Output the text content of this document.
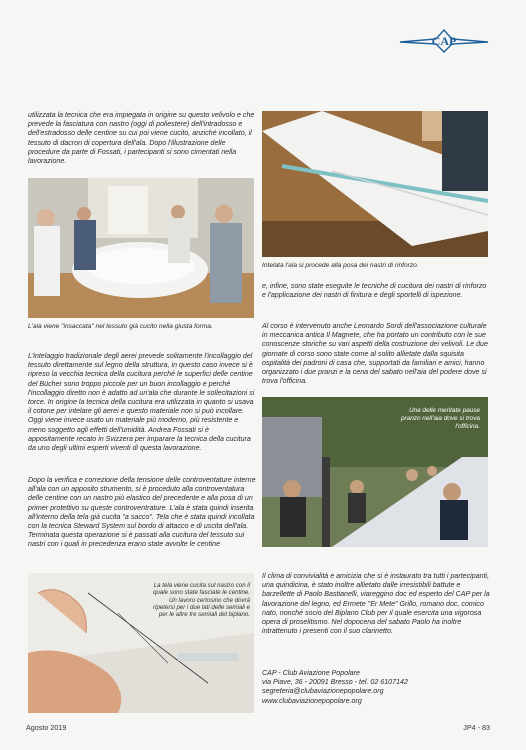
CAP

utilizzata la tecnica che era impiegata in origine su questo velivolo e che prevede la fasciatura con nastro (oggi di poliestere) dell'intradosso e dell'estradosso delle centine su cui poi viene cucito, anziché incollato, il tessuto di dacron di copertura dell'ala. Dopo l'illustrazione delle procedure da parte di Fossati, i partecipanti si sono cimentati nella lavorazione.

L'ala viene "insaccata" nel tessuto già cucito nella giusta forma.

L'intelaggio tradizionale degli aerei prevede solitamente l'incollaggio del tessuto direttamente sul legno della struttura, in questo caso invece si è ripreso la vecchia tecnica della cucitura perché le superfici delle centine del Bücher sono troppo piccole per un buon incollaggio e perché l'incollaggio diretto non è adatto ad un'ala che durante le sollecitazioni si torce. In origine la tecnica della cucitura era utilizzata in quanto si usava il cotone per intelare gli aerei e questo materiale non si può incollare. Oggi viene invece usato un materiale più moderno, più resistente e meno soggetto agli effetti dell'umidità. Andrea Fossati si è appositamente recato in Svizzera per imparare la tecnica della cucitura da uno degli ultimi esperti viventi di questa lavorazione.

Dopo la verifica e correzione della tensione delle controventature interne all'ala con un apposito strumento, si è proceduto alla controventatura delle centine con un nastro più elastico del precedente e alla posa di un primer protettivo su queste controventrature. L'ala è stata quindi inserita all'interno della tela già cucita "a sacco". Tela che è stata quindi incollata con la tecnica Steward System sul bordo di attacco e di uscita dell'ala. Terminata questa operazione si è passati alla cucitura del tessuto sui nastri con i quali in precedenza erano state avvolte le centine

Intelata l'ala si procede alla posa dei nastri di rinforzo.

e, infine, sono state eseguite le tecniche di cucitura dei nastri di rinforzo e l'applicazione dei nastri di finitura e degli sportelli di ispezione.

Al corso è intervenuto anche Leonardo Sordi dell'associazione culturale in meccanica antica Il Magnete, che ha portato un contributo con le sue conoscenze storiche su vari aspetti della costruzione dei velivoli. Le due giornate di corso sono state come al solito allietate dalla squisita ospitalità dei padroni di casa che, supportati da familiari e amici, hanno organizzato i due pranzi e la cena del sabato nell'aia del podere dove si trova l'officina.

Una delle meritate pause pranzo nell'aia dove si trova l'officina.

La tela viene cucita sul nastro con il quale sono state fasciate le centine. Un lavoro certosino che dovrà ripetersi per i due lati delle semiali e per le altre tre semiali del biplano.

Il clima di convivialità e amicizia che si è instaurato tra tutti i partecipanti, una quindicina, è stato inoltre allietato dalle irresistibili battute e barzellette di Paolo Bastianelli, viareggino doc ed esperto del CAP per la lavorazione del legno, ed Ermete "Er Mete" Grillo, romano doc, comico nato, nonché socio del Biplano Club per il quale esercita una vigorosa opera di proselitismo. Nel dopocena del sabato Paolo ha inoltre intrattenuto i presenti con il suo clarinetto.

CAP - Club Aviazione Popolare
via Piave, 36 - 20091 Bresso - tel. 02 6107142
segreteria@clubaviazionepopolare.org
www.clubaviazionepopolare.org
Agosto 2019	JP4 - 83
